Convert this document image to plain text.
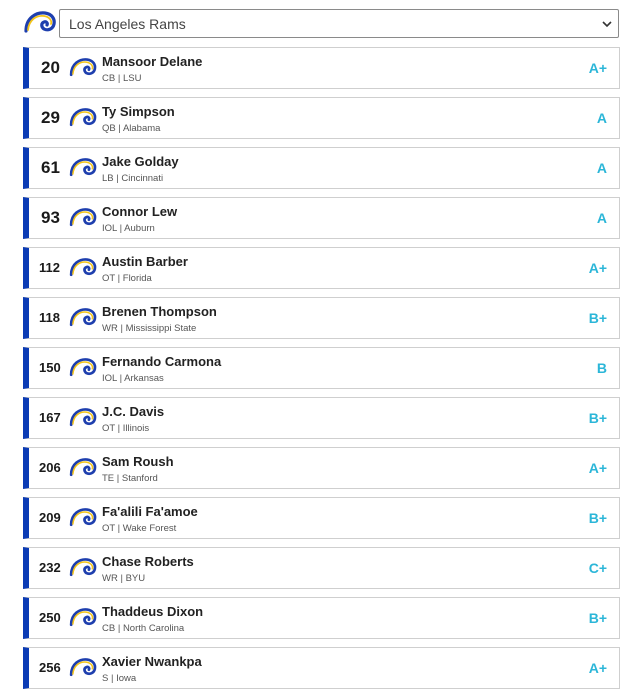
Los Angeles Rams
20	Mansoor Delane
CB | LSU
A+
29	Ty Simpson
QB | Alabama
A
61	Jake Golday
LB | Cincinnati
A
93	Connor Lew
IOL | Auburn
A
112	Austin Barber
OT | Florida
A+
118	Brenen Thompson
WR | Mississippi State
B+
150	Fernando Carmona
IOL | Arkansas
B
167	J.C. Davis
OT | Illinois
B+
206	Sam Roush
TE | Stanford
A+
209	Fa'alili Fa'amoe
OT | Wake Forest
B+
232	Chase Roberts
WR | BYU
C+
250	Thaddeus Dixon
CB | North Carolina
B+
256	Xavier Nwankpa
S | Iowa
A+
